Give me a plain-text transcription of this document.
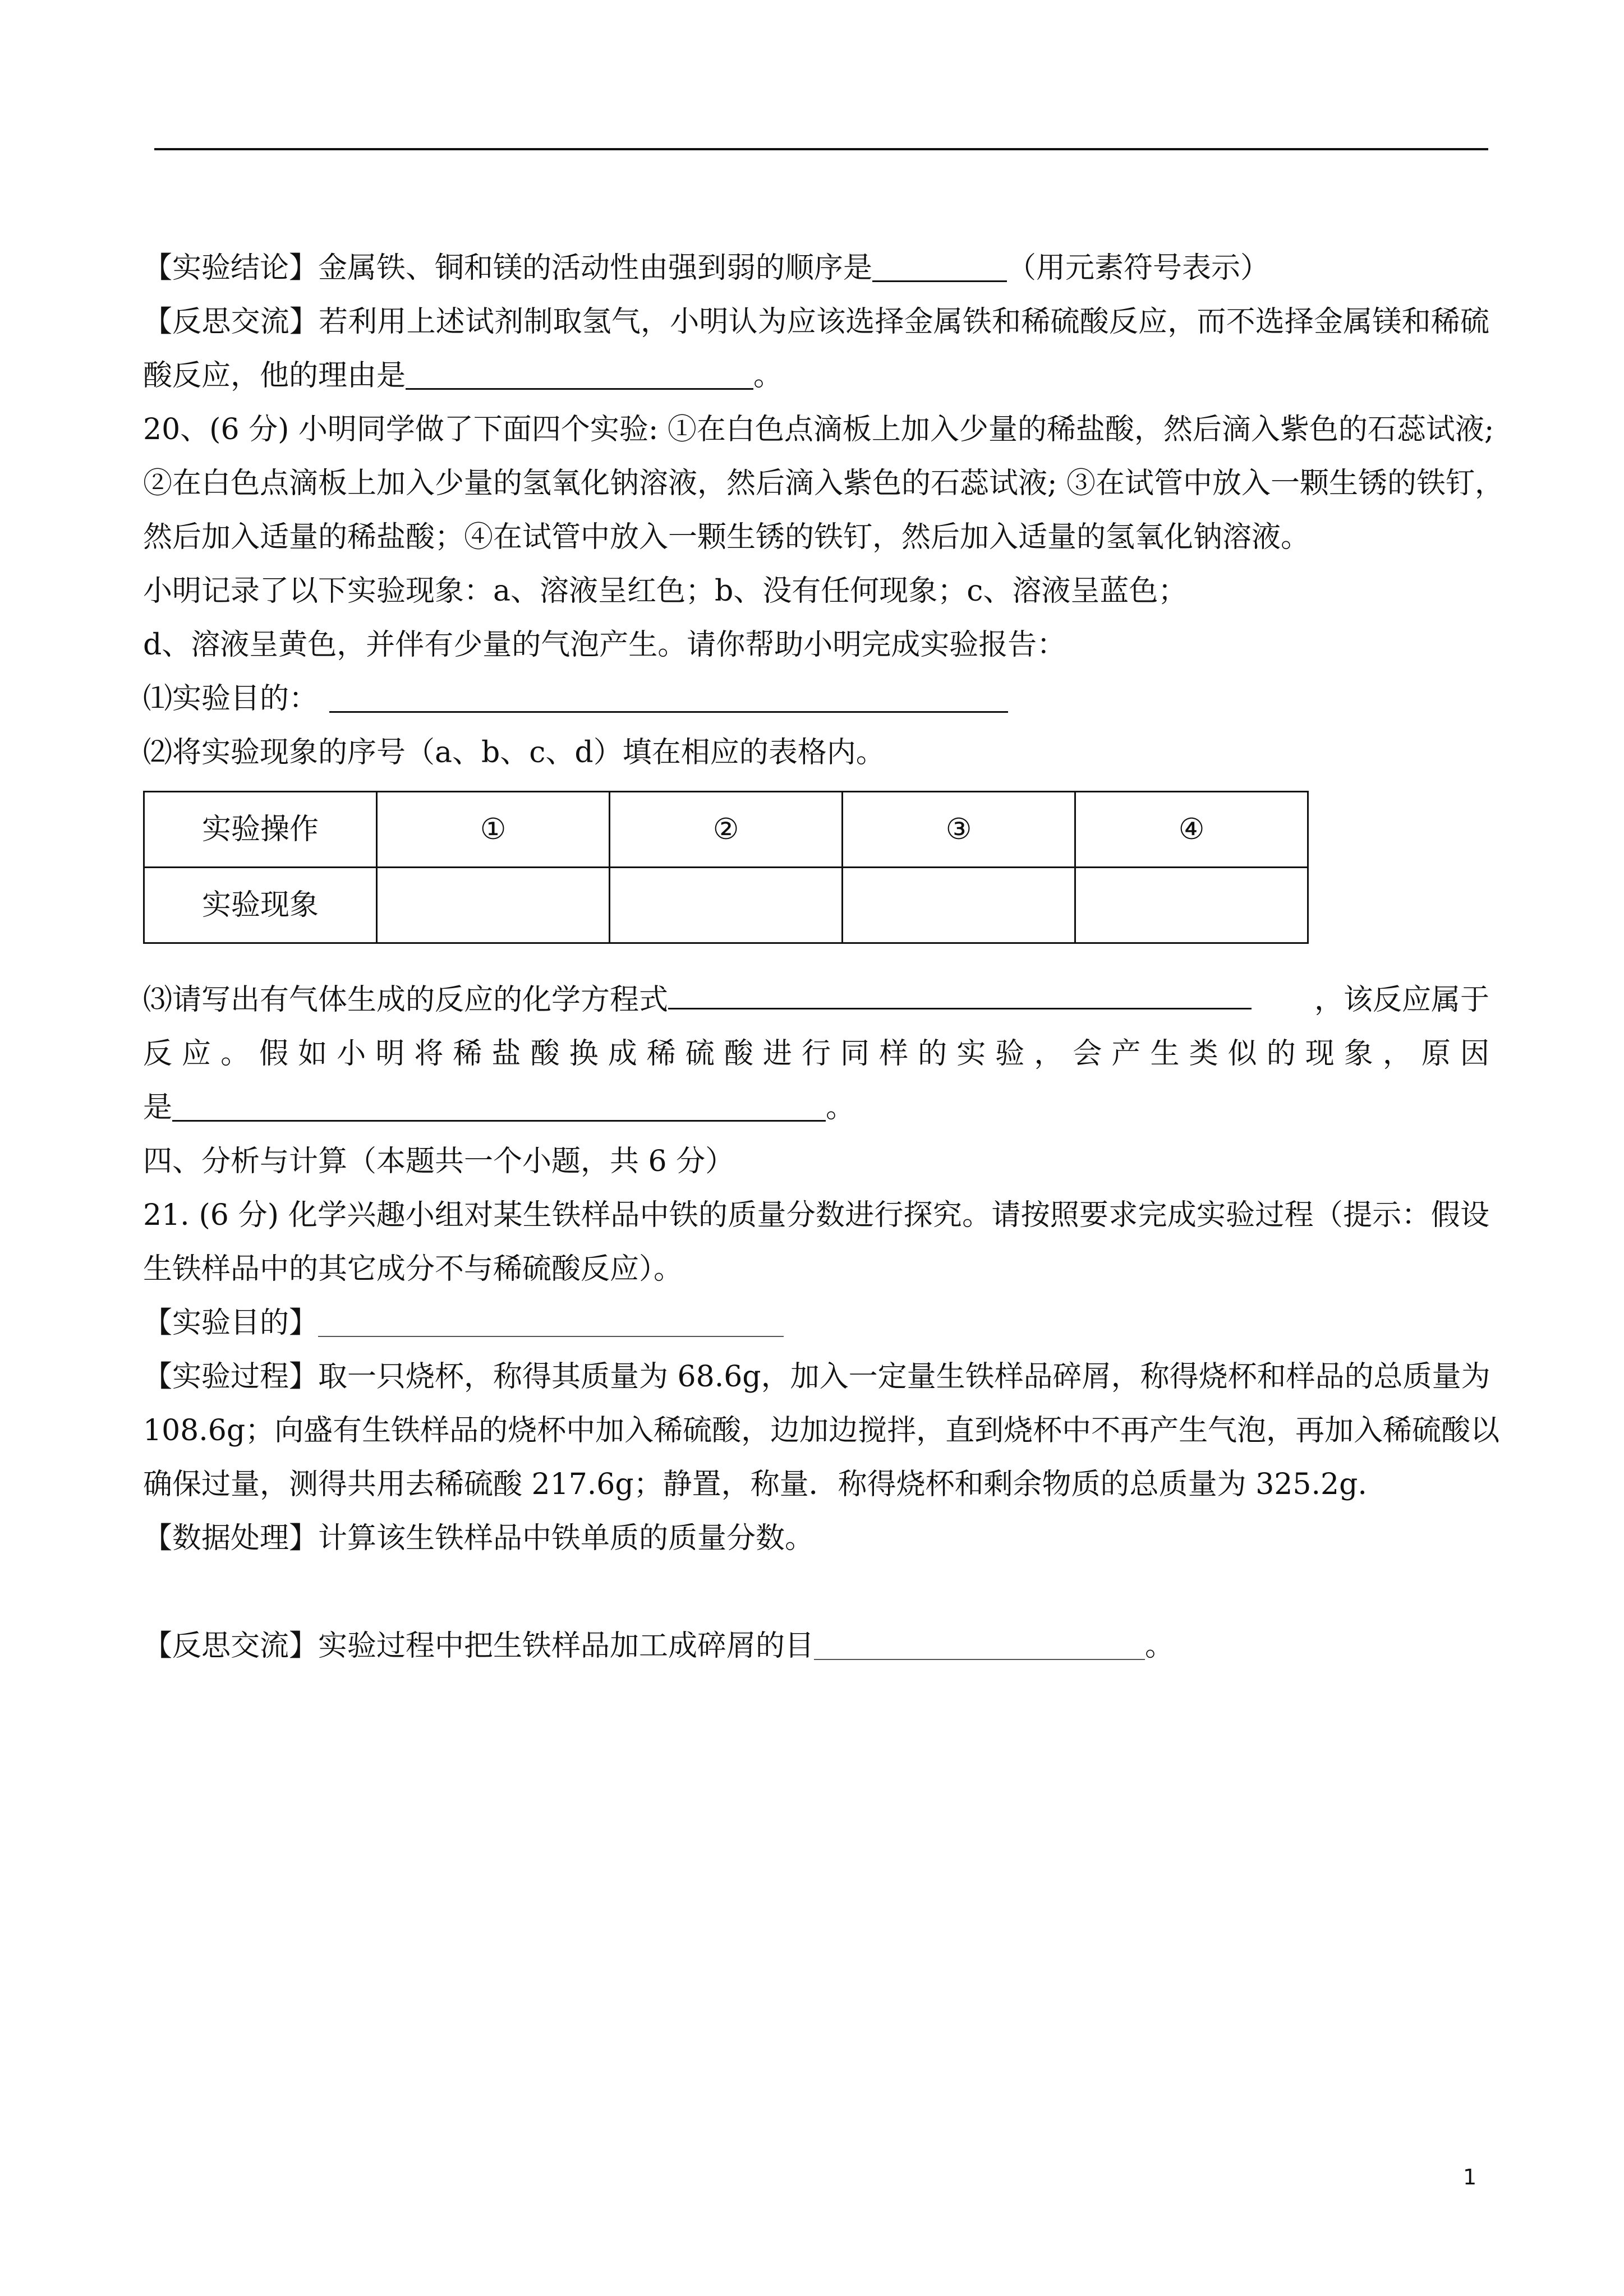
【实验结论】金属铁、铜和镁的活动性由强到弱的顺序是	（用元素符号表示）
【反思交流】若利用上述试剂制取氢气，小明认为应该选择金属铁和稀硫酸反应，而不选择金属镁和稀硫
酸反应，他的理由是	。
20、(6 分) 小明同学做了下面四个实验: ①在白色点滴板上加入少量的稀盐酸，然后滴入紫色的石蕊试液;
②在白色点滴板上加入少量的氢氧化钠溶液，然后滴入紫色的石蕊试液; ③在试管中放入一颗生锈的铁钉，
然后加入适量的稀盐酸；④在试管中放入一颗生锈的铁钉，然后加入适量的氢氧化钠溶液。
小明记录了以下实验现象：a、溶液呈红色；b、没有任何现象；c、溶液呈蓝色；
d、溶液呈黄色，并伴有少量的气泡产生。请你帮助小明完成实验报告：
⑴实验目的：
⑵将实验现象的序号（a、b、c、d）填在相应的表格内。
实验操作	①	②	③	④
实验现象				
⑶请写出有气体生成的反应的化学方程式	，该反应属于
反应。假如小明将稀盐酸换成稀硫酸进行同样的实验，会产生类似的现象，原因
是	。
四、分析与计算（本题共一个小题，共 6 分）
21. (6 分) 化学兴趣小组对某生铁样品中铁的质量分数进行探究。请按照要求完成实验过程（提示：假设
生铁样品中的其它成分不与稀硫酸反应）。
【实验目的】
【实验过程】取一只烧杯，称得其质量为 68.6g，加入一定量生铁样品碎屑，称得烧杯和样品的总质量为
108.6g；向盛有生铁样品的烧杯中加入稀硫酸，边加边搅拌，直到烧杯中不再产生气泡，再加入稀硫酸以
确保过量，测得共用去稀硫酸 217.6g；静置，称量．称得烧杯和剩余物质的总质量为 325.2g.
【数据处理】计算该生铁样品中铁单质的质量分数。
【反思交流】实验过程中把生铁样品加工成碎屑的目	。
1
